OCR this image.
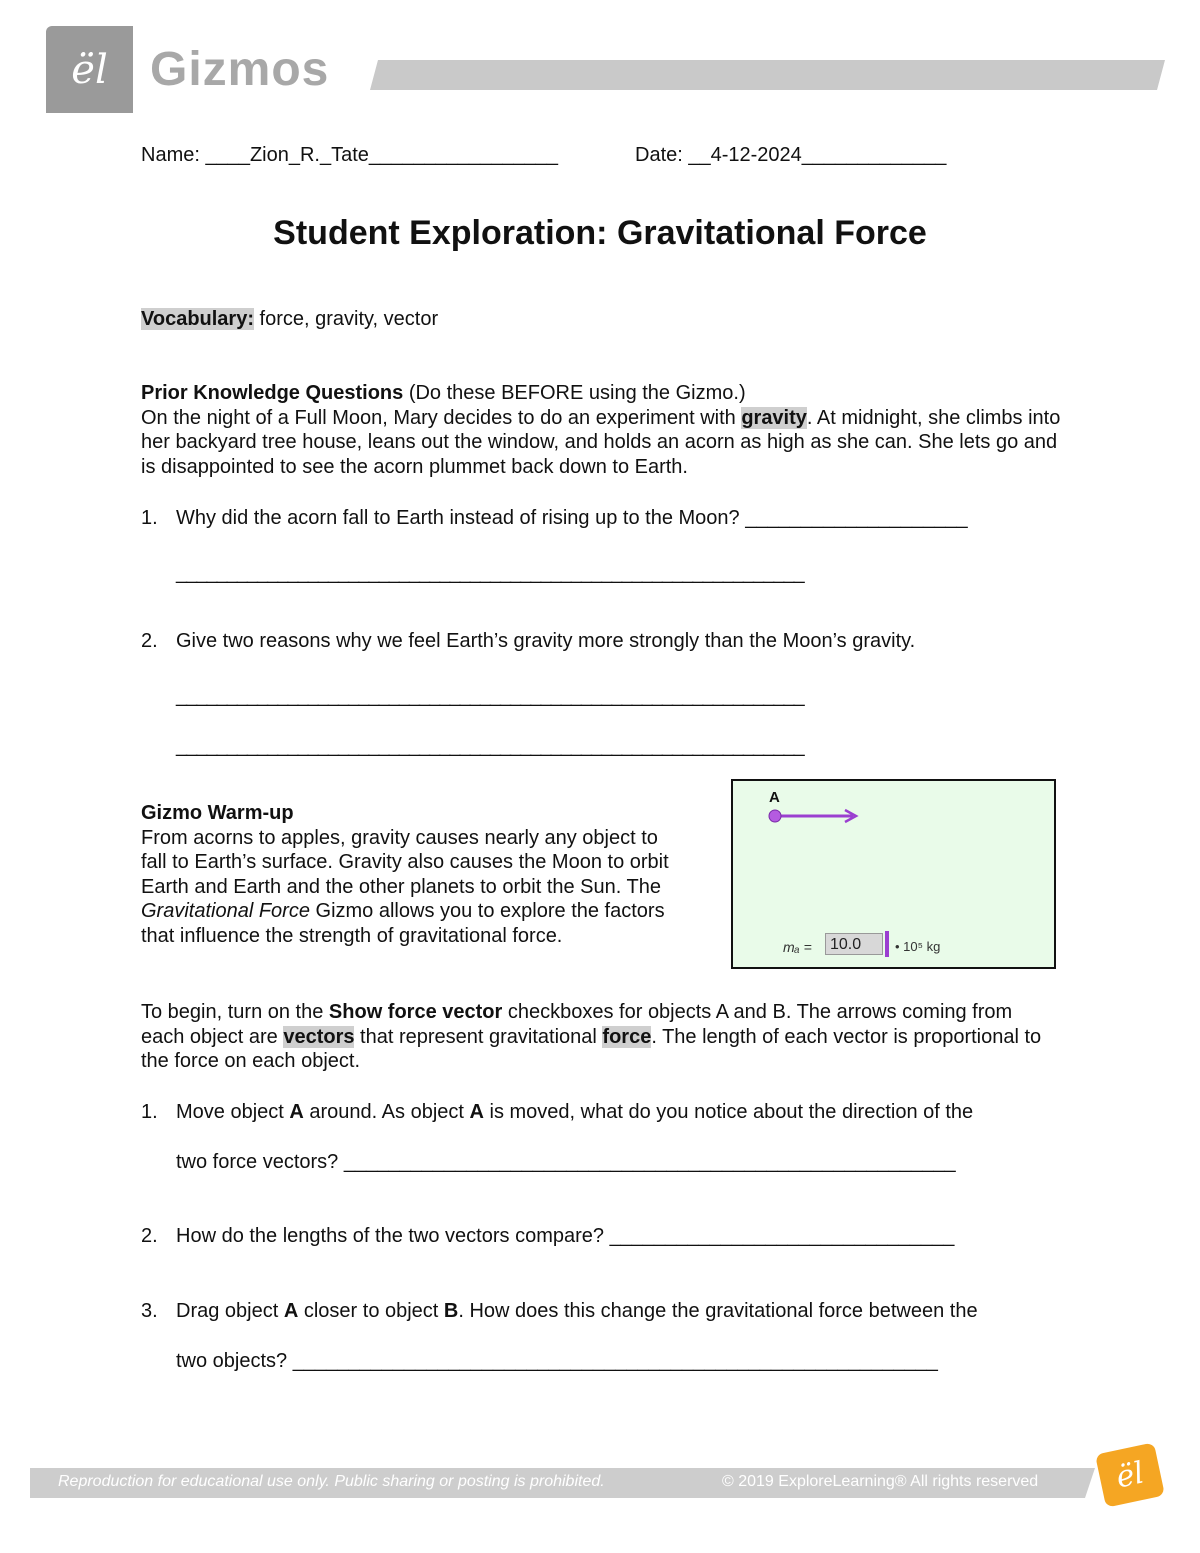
ël Gizmos
Name: ____Zion_R._Tate_________________	Date: __4-12-2024_____________
Student Exploration: Gravitational Force
Vocabulary: force, gravity, vector
Prior Knowledge Questions (Do these BEFORE using the Gizmo.)
On the night of a Full Moon, Mary decides to do an experiment with gravity. At midnight, she climbs into her backyard tree house, leans out the window, and holds an acorn as high as she can. She lets go and is disappointed to see the acorn plummet back down to Earth.
1. Why did the acorn fall to Earth instead of rising up to the Moon? ____________________
______________________________________________________________
2. Give two reasons why we feel Earth’s gravity more strongly than the Moon’s gravity.
______________________________________________________________
______________________________________________________________
Gizmo Warm-up
From acorns to apples, gravity causes nearly any object to fall to Earth’s surface. Gravity also causes the Moon to orbit Earth and Earth and the other planets to orbit the Sun. The Gravitational Force Gizmo allows you to explore the factors that influence the strength of gravitational force.
A
mₐ =	10.0	• 10⁵ kg
To begin, turn on the Show force vector checkboxes for objects A and B. The arrows coming from each object are vectors that represent gravitational force. The length of each vector is proportional to the force on each object.
1. Move object A around. As object A is moved, what do you notice about the direction of the
two force vectors? _______________________________________________________
2. How do the lengths of the two vectors compare? _______________________________
3. Drag object A closer to object B. How does this change the gravitational force between the
two objects? __________________________________________________________
Reproduction for educational use only. Public sharing or posting is prohibited.	© 2019 ExploreLearning® All rights reserved ël
